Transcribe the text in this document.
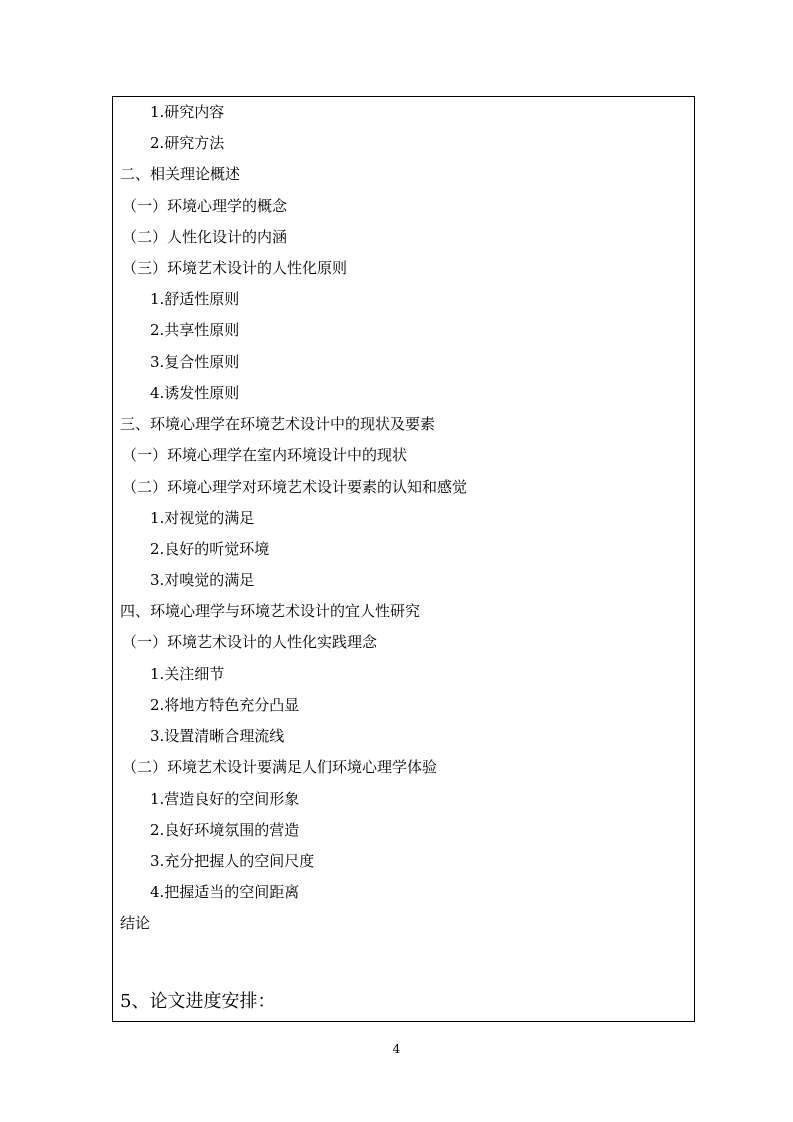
1.研究内容
2.研究方法
二、相关理论概述
（一）环境心理学的概念
（二）人性化设计的内涵
（三）环境艺术设计的人性化原则
1.舒适性原则
2.共享性原则
3.复合性原则
4.诱发性原则
三、环境心理学在环境艺术设计中的现状及要素
（一）环境心理学在室内环境设计中的现状
（二）环境心理学对环境艺术设计要素的认知和感觉
1.对视觉的满足
2.良好的听觉环境
3.对嗅觉的满足
四、环境心理学与环境艺术设计的宜人性研究
（一）环境艺术设计的人性化实践理念
1.关注细节
2.将地方特色充分凸显
3.设置清晰合理流线
（二）环境艺术设计要满足人们环境心理学体验
1.营造良好的空间形象
2.良好环境氛围的营造
3.充分把握人的空间尺度
4.把握适当的空间距离
结论
5、论文进度安排：
4
